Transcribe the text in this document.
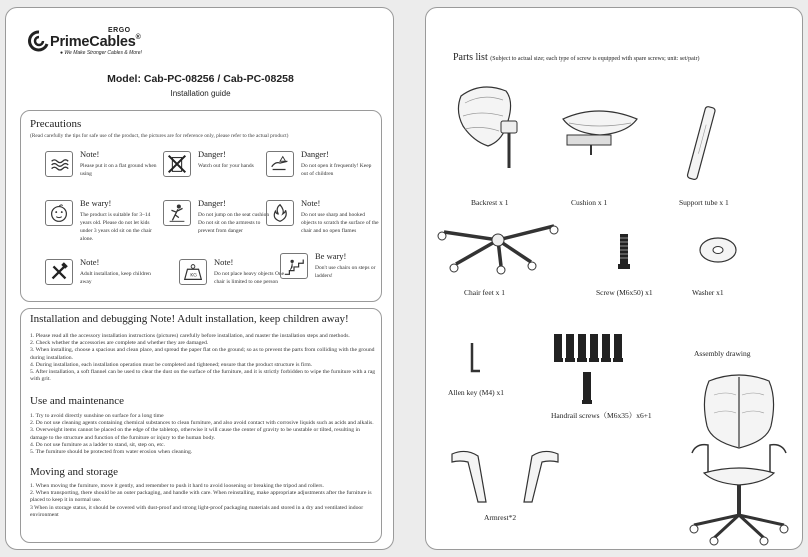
ERGO
PrimeCables®
● We Make Stronger Cables & More!
Model: Cab-PC-08256 / Cab-PC-08258
Installation guide
Precautions
(Read carefully the tips for safe use of the product, the pictures are for reference only, please refer to the actual product)
Note!
Please put it on a flat ground when using
Danger!
Watch out for your hands
Danger!
Do not open it frequently! Keep out of children
Be wary!
The product is suitable for 3–14 years old. Please do not let kids under 3 years old sit on the chair alone.
Danger!
Do not jump on the seat cushion Do not sit on the armrests to prevent from danger
Note!
Do not use sharp and hooked objects to scratch the surface of the chair and no open flames
Note!
Adult installation, keep children away
KG
Note!
Do not place heavy objects One chair is limited to one person
Be wary!
Don't use chairs on steps or ladders!
Installation and debugging Note! Adult installation, keep children away!

1. Please read all the accessory installation instructions (pictures) carefully before installation, and master the installation steps and methods.

2. Check whether the accessories are complete and whether they are damaged.

3. When installing, choose a spacious and clean place, and spread the paper flat on the ground; so as to prevent the parts from colliding with the ground during installation.

4. During installation, each installation operation must be completed and tightened; ensure that the product structure is firm.

5. After installation, a soft flannel can be used to clear the dust on the surface of the furniture, and it is strictly forbidden to wipe the furniture with a rag with grit.

Use and maintenance

1. Try to avoid directly sunshine on surface for a long time

2. Do not use cleaning agents containing chemical substances to clean furniture, and also avoid contact with corrosive liquids such as acids and alkalis.

3. Overweight items cannot be placed on the edge of the tabletop, otherwise it will cause the center of gravity to be unstable or tilted, resulting in damage to the structure and function of the furniture or injury to the human body.

4. Do not use furniture as a ladder to stand, sit, step on, etc.

5. The furniture should be protected from water erosion when cleaning.

Moving and storage

1. When moving the furniture, move it gently, and remember to push it hard to avoid loosening or breaking the tripod and rollers.

2. When transporting, there should be an outer packaging, and handle with care. When reinstalling, make appropriate adjustments after the furniture is placed to keep it in normal use.

3 When in storage status, it should be covered with dust-proof and strong light-proof packaging materials and stored in a dry and ventilated indoor environment

Parts list (Subject to actual size; each type of screw is equipped with spare screws; unit: set/pair)
Backrest x 1	Cushion x 1	Support tube x 1
Chair feet x 1	Screw (M6x50) x1	Washer x1
Allen key (M4) x1
Handrail screws（M6x35）x6+1
Armrest*2
Assembly drawing
